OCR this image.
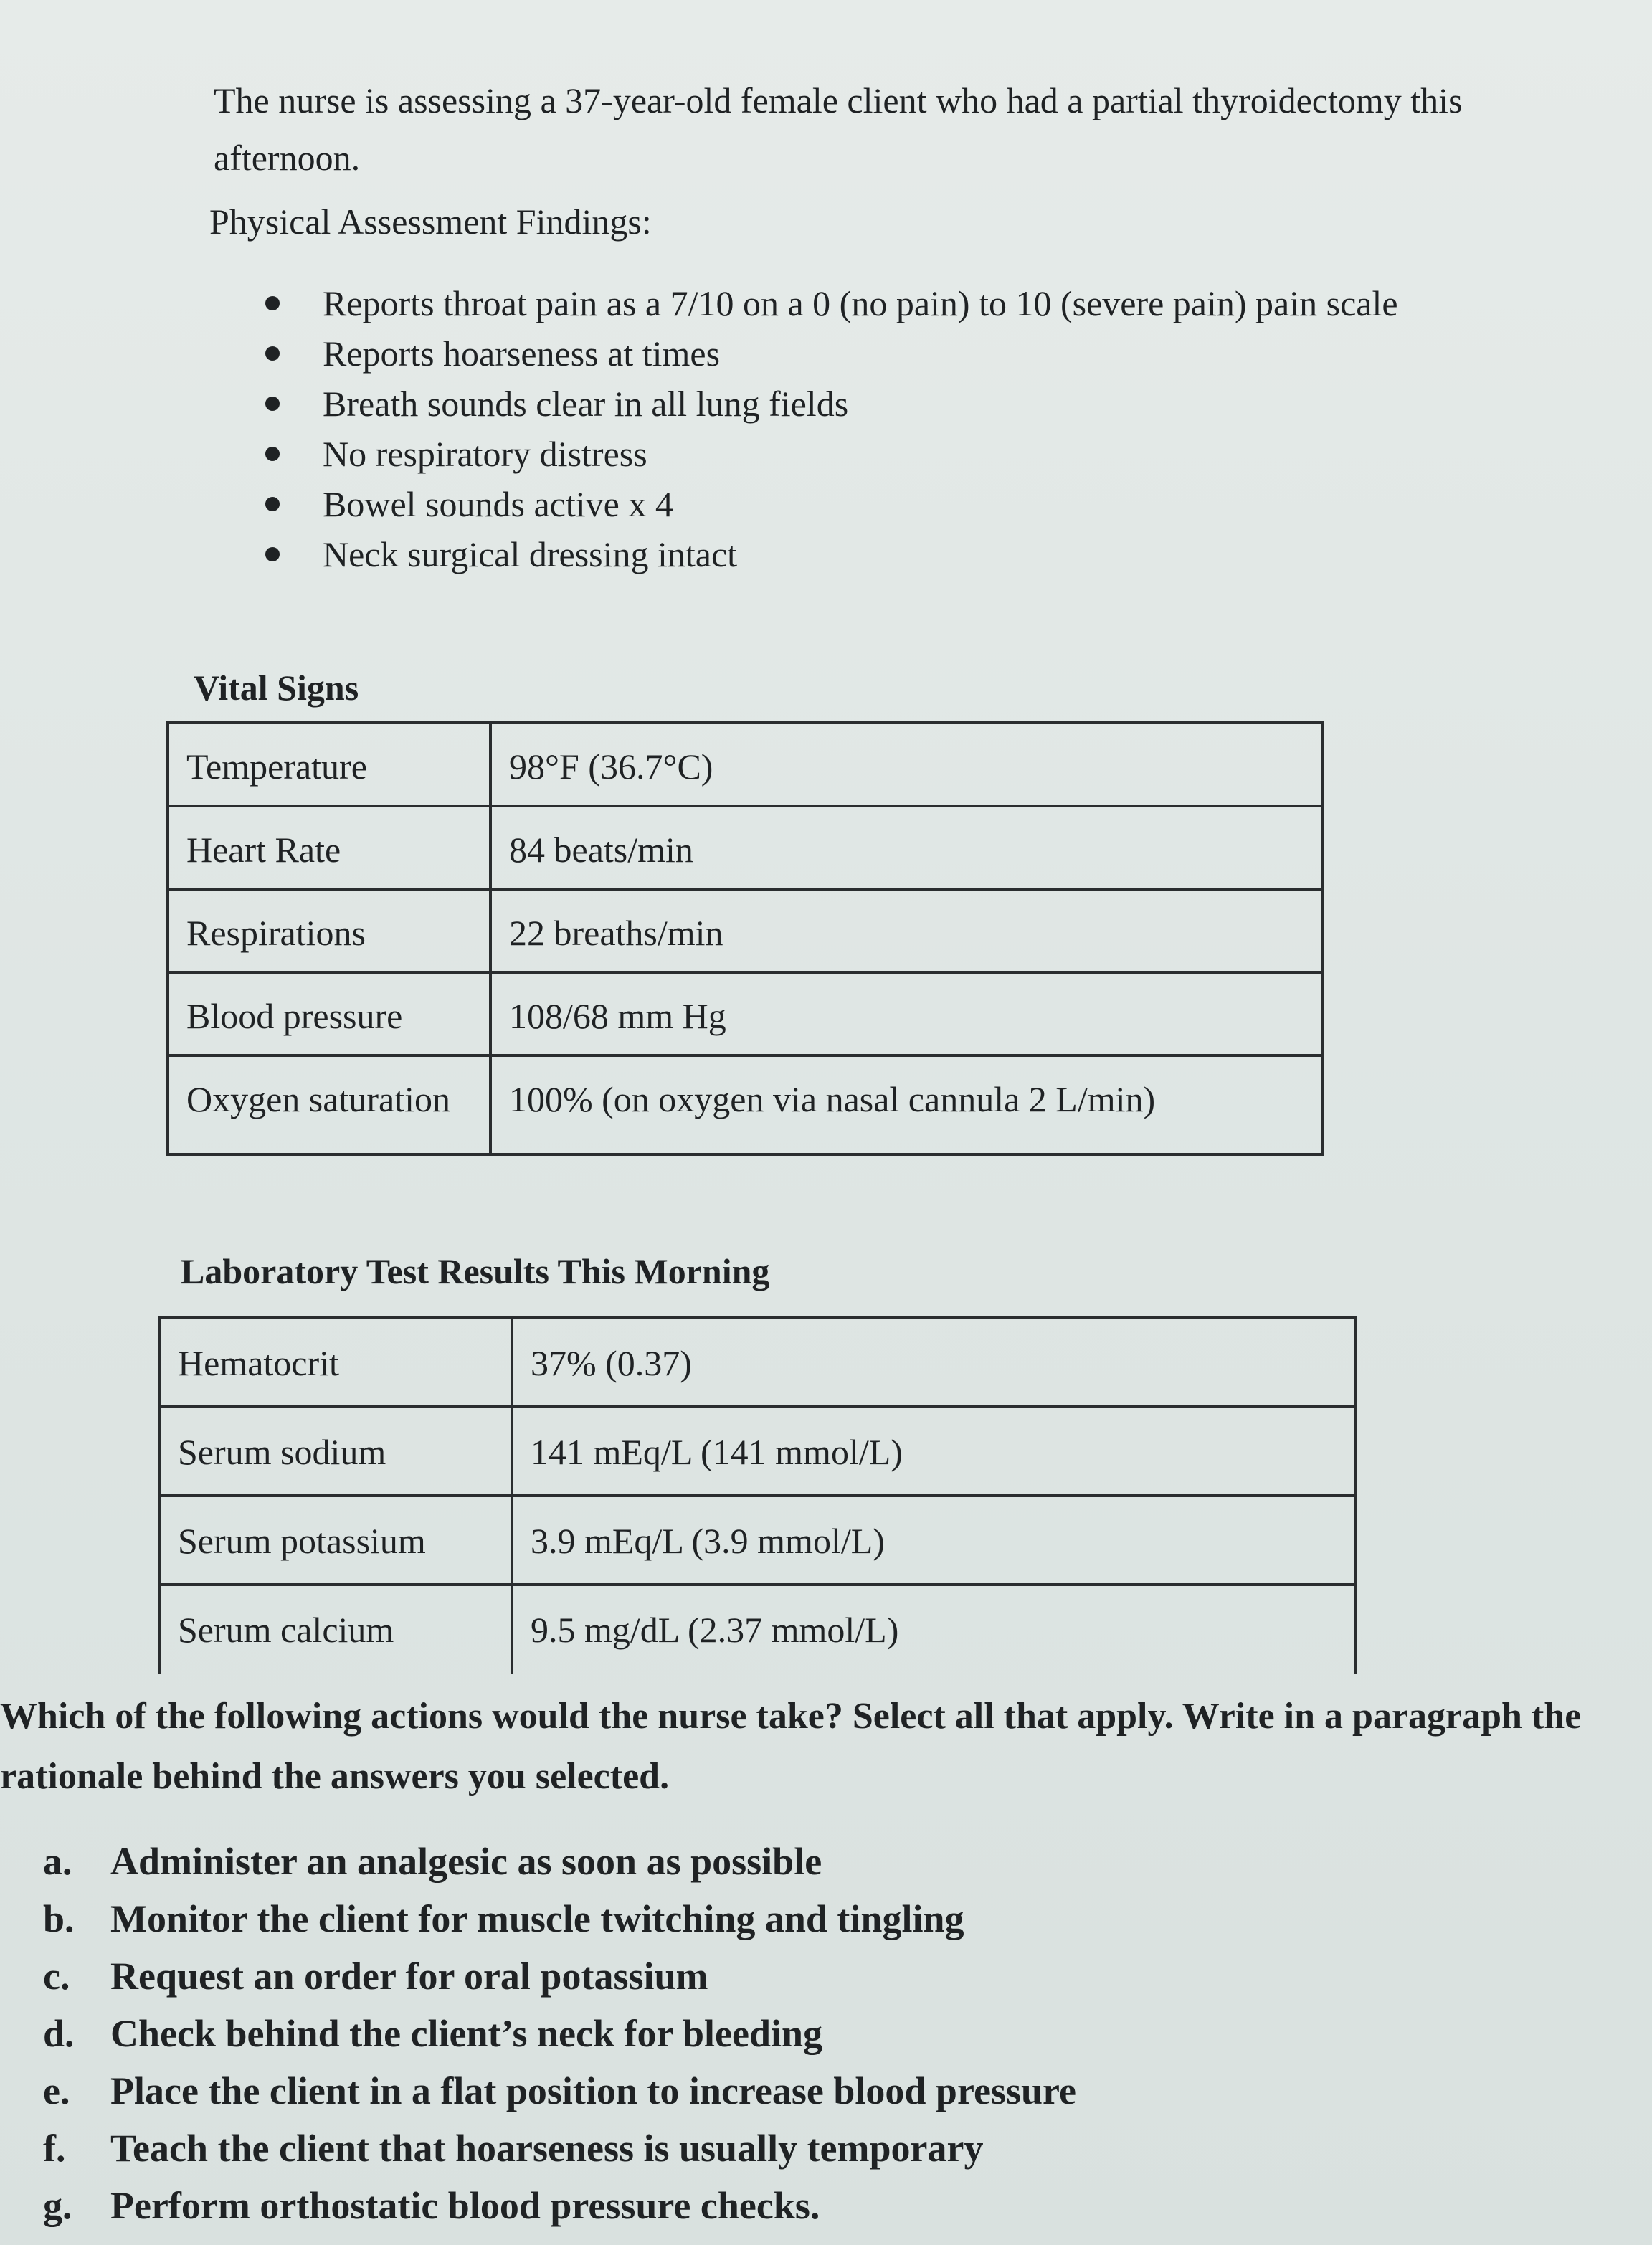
The nurse is assessing a 37-year-old female client who had a partial thyroidectomy this afternoon.
Physical Assessment Findings:
Reports throat pain as a 7/10 on a 0 (no pain) to 10 (severe pain) pain scale
Reports hoarseness at times
Breath sounds clear in all lung fields
No respiratory distress
Bowel sounds active x 4
Neck surgical dressing intact
Vital Signs
Temperature	98°F (36.7°C)
Heart Rate	84 beats/min
Respirations	22 breaths/min
Blood pressure	108/68 mm Hg
Oxygen saturation	100% (on oxygen via nasal cannula 2 L/min)
Laboratory Test Results This Morning
Hematocrit	37% (0.37)
Serum sodium	141 mEq/L (141 mmol/L)
Serum potassium	3.9 mEq/L (3.9 mmol/L)
Serum calcium	9.5 mg/dL (2.37 mmol/L)
Which of the following actions would the nurse take? Select all that apply. Write in a paragraph the rationale behind the answers you selected.
a. Administer an analgesic as soon as possible
b. Monitor the client for muscle twitching and tingling
c. Request an order for oral potassium
d. Check behind the client’s neck for bleeding
e. Place the client in a flat position to increase blood pressure
f. Teach the client that hoarseness is usually temporary
g. Perform orthostatic blood pressure checks.
